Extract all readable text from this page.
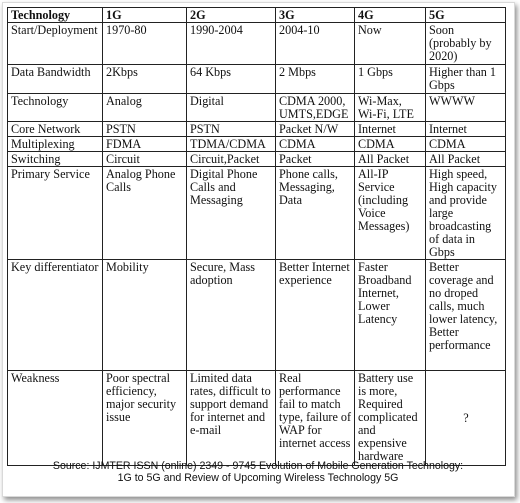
Technology	1G	2G	3G	4G	5G
Start/Deployment	1970-80	1990-2004	2004-10	Now	Soon (probably by 2020)
Data Bandwidth	2Kbps	64 Kbps	2 Mbps	1 Gbps	Higher than 1 Gbps
Technology	Analog	Digital	CDMA 2000, UMTS,EDGE	Wi-Max, Wi-Fi, LTE	WWWW
Core Network	PSTN	PSTN	Packet N/W	Internet	Internet
Multiplexing	FDMA	TDMA/CDMA	CDMA	CDMA	CDMA
Switching	Circuit	Circuit,Packet	Packet	All Packet	All Packet
Primary Service	Analog Phone Calls	Digital Phone Calls and Messaging	Phone calls, Messaging, Data	All-IP Service (including Voice Messages)	High speed, High capacity and provide large broadcasting of data in Gbps
Key differentiator	Mobility	Secure, Mass adoption	Better Internet experience	Faster Broadband Internet, Lower Latency	Better coverage and no droped calls, much lower latency, Better performance
Weakness	Poor spectral efficiency, major security issue	Limited data rates, difficult to support demand for internet and e-mail	Real performance fail to match type, failure of WAP for internet access	Battery use is more, Required complicated and expensive hardware	?
Source: IJMTER ISSN (online) 2349 - 9745 Evolution of Mobile Generation Technology:
1G to 5G and Review of Upcoming Wireless Technology 5G
